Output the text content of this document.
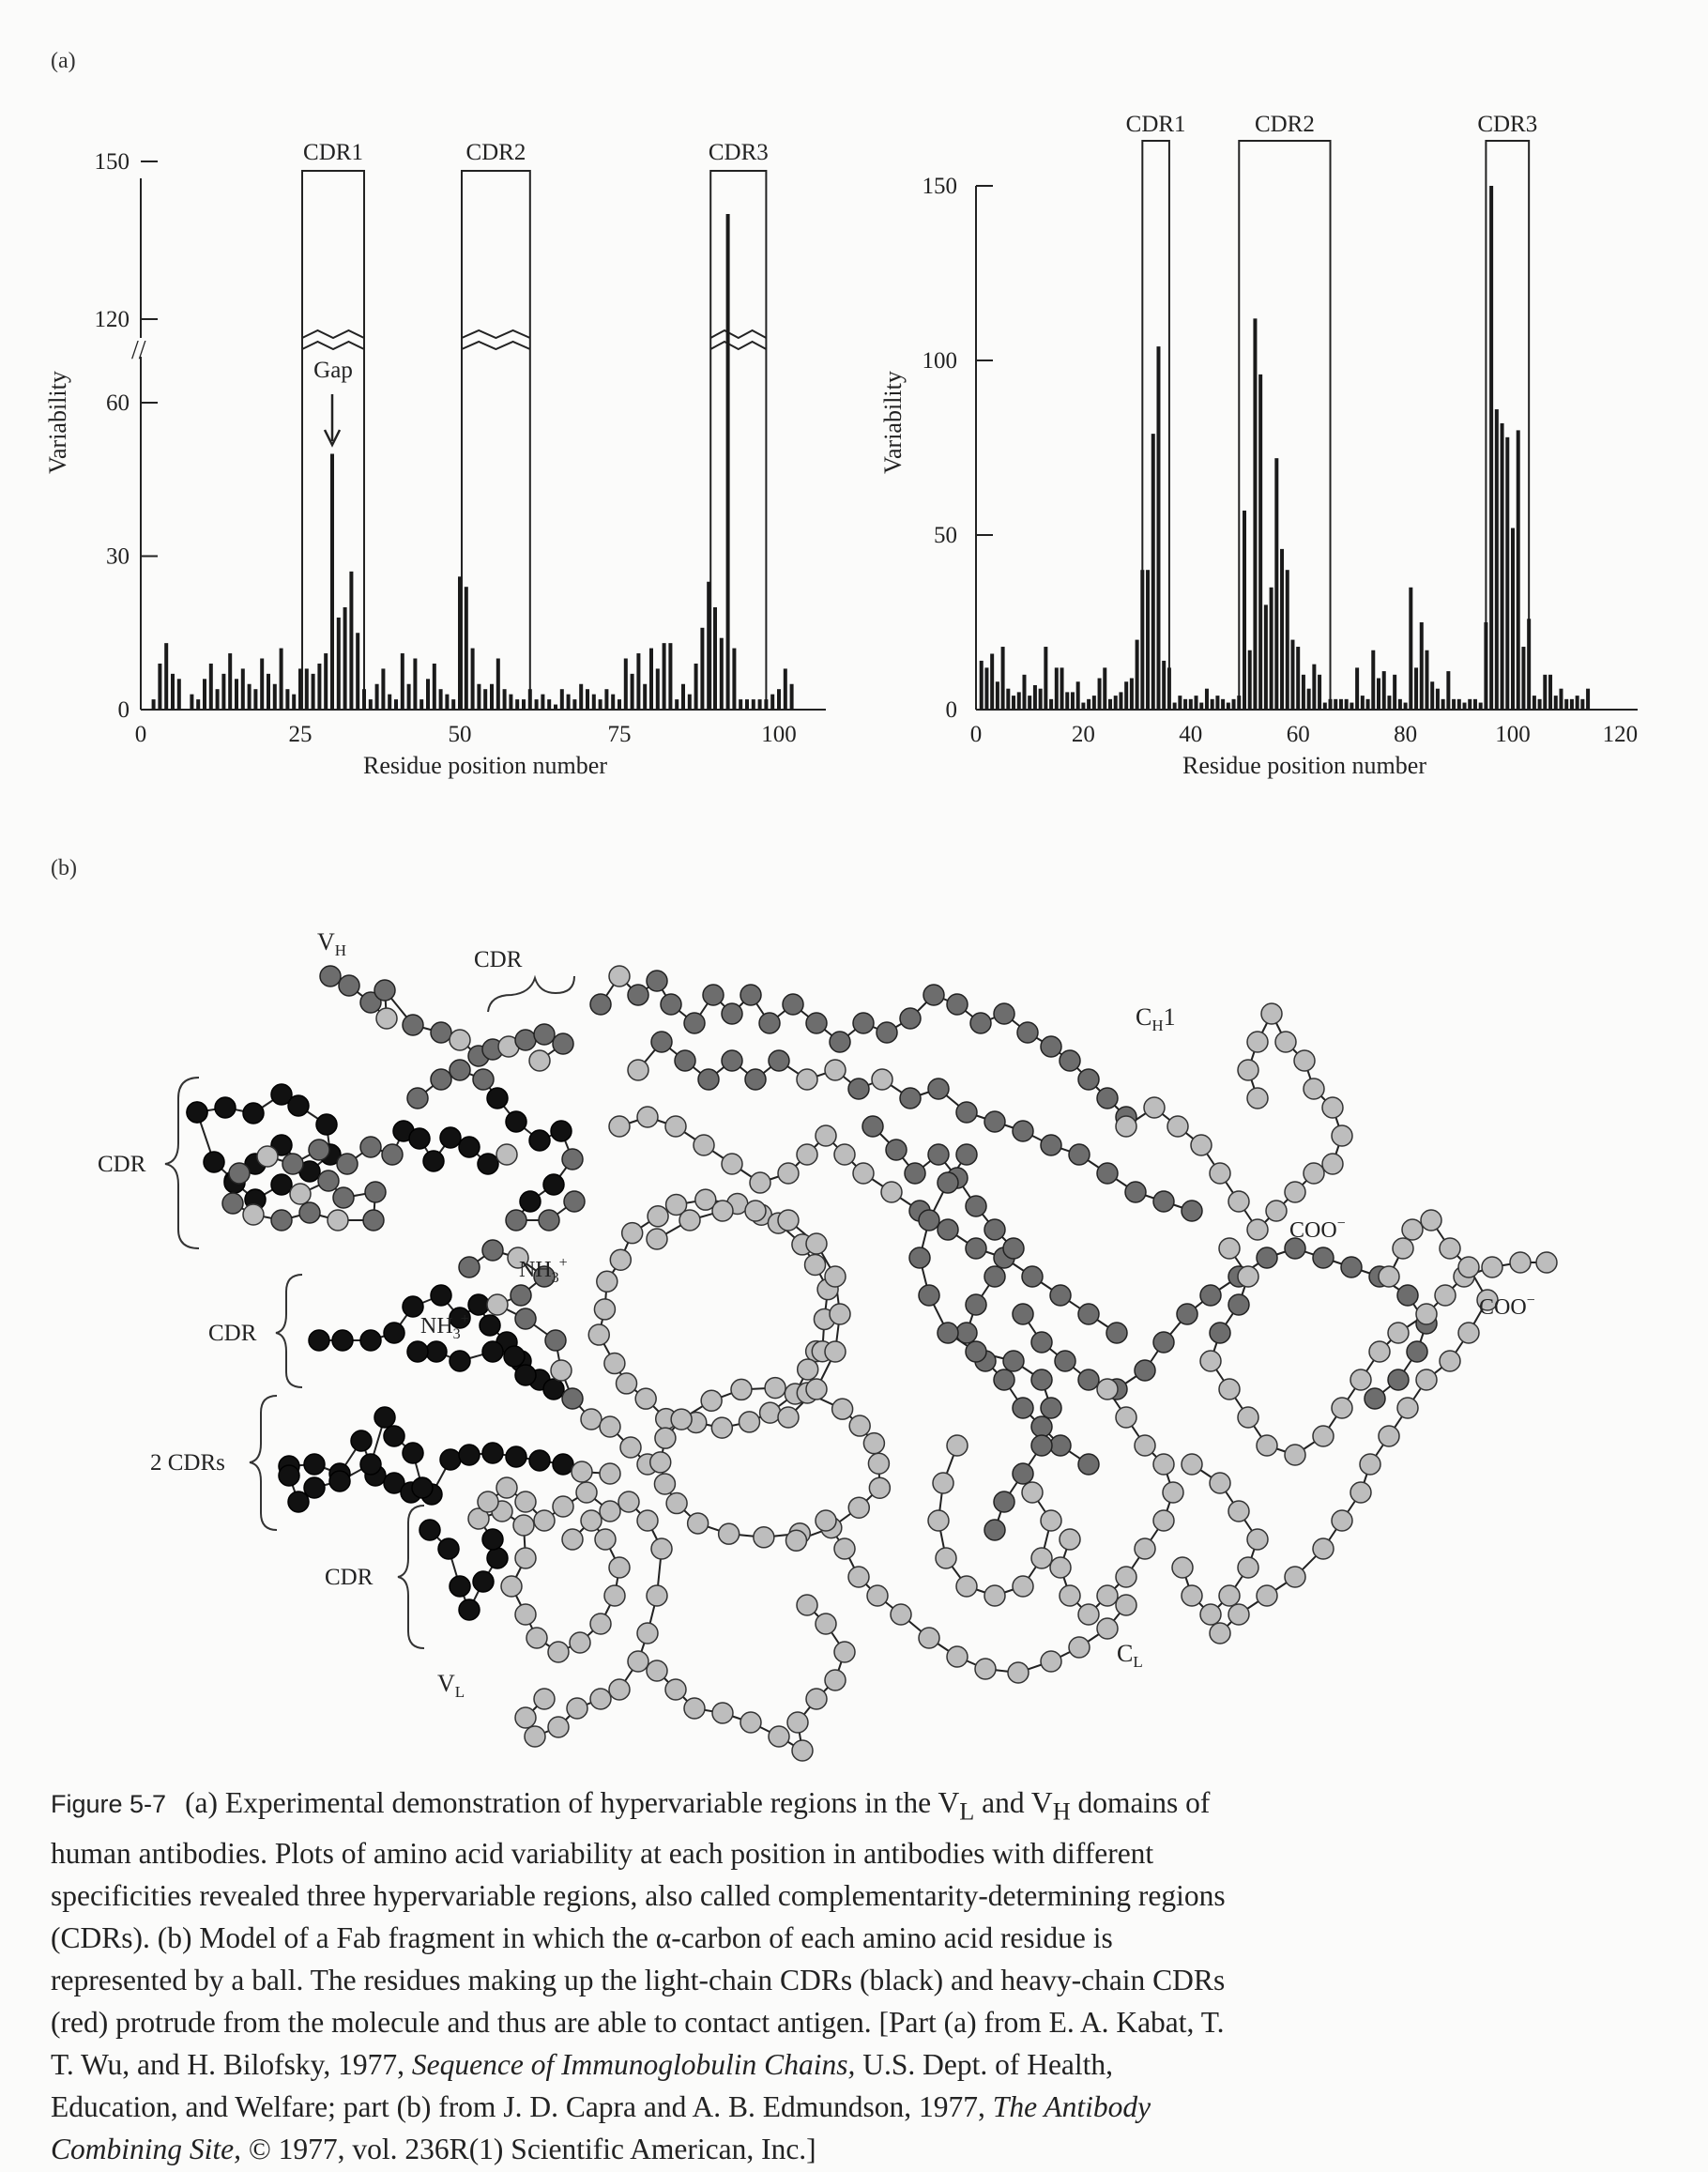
//
0
30
60
120
150
0	25	50	75	100
Residue position number
Variability
CDR1	CDR2	CDR3
Gap
0
50
100
150
0	20	40	60	80	100	120
Residue position number
Variability
CDR1	CDR2	CDR3
$V_H$	CDR
CDR
CDR
2 CDRs
CDR
$V_L$
$C_H1$
$C_L$
$NH_3^+$
$NH_3^+$
COO−
COO−
(a)
(b)
Figure 5-7 (a) Experimental demonstration of hypervariable regions in the $V_L$ and $V_H$ domains of human antibodies. Plots of amino acid variability at each position in antibodies with different specificities revealed three hypervariable regions, also called complementarity-determining regions (CDRs). (b) Model of a Fab fragment in which the α-carbon of each amino acid residue is represented by a ball. The residues making up the light-chain CDRs (black) and heavy-chain CDRs (red) protrude from the molecule and thus are able to contact antigen. [Part (a) from E. A. Kabat, T. T. Wu, and H. Bilofsky, 1977, Sequence of Immunoglobulin Chains, U.S. Dept. of Health, Education, and Welfare; part (b) from J. D. Capra and A. B. Edmundson, 1977, The Antibody Combining Site, © 1977, vol. 236R(1) Scientific American, Inc.]
